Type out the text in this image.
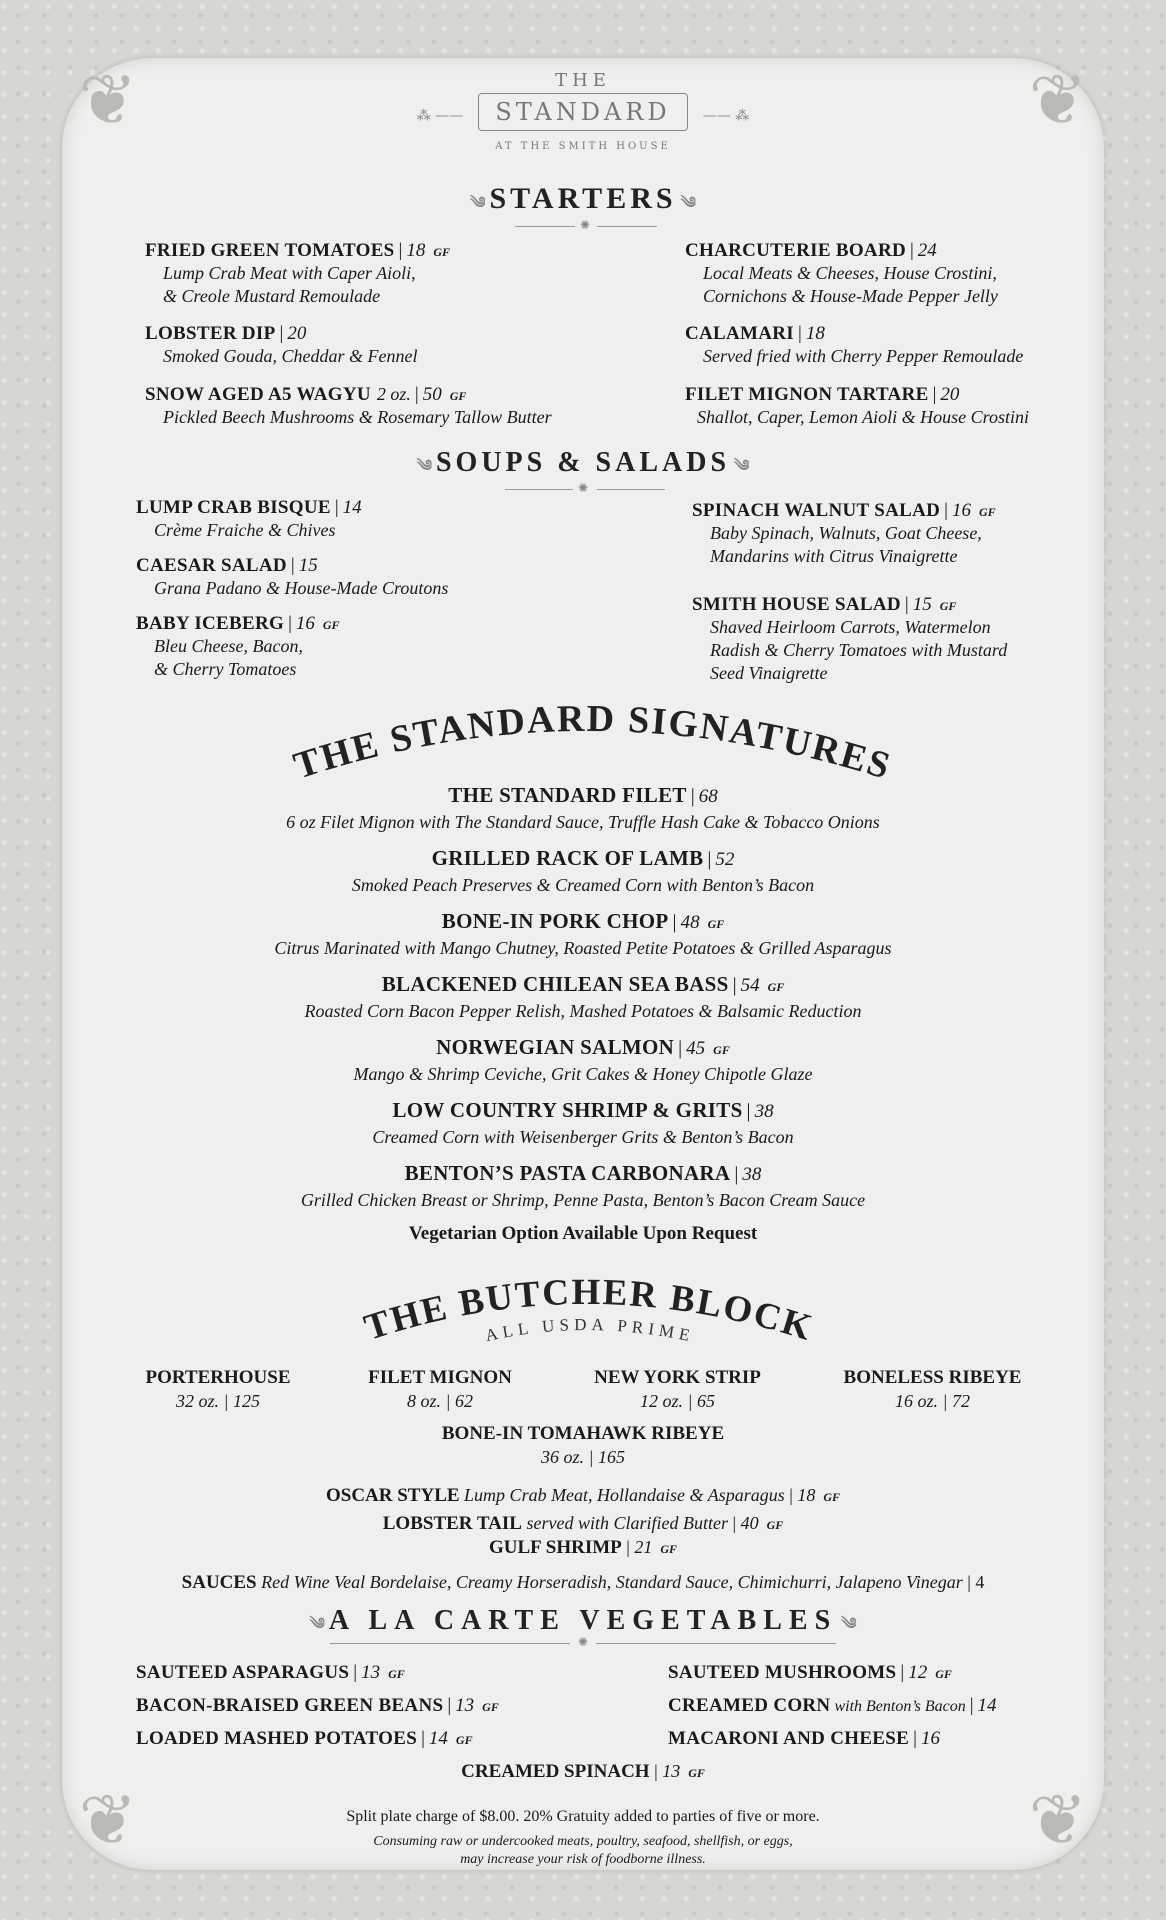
❦	❦
❦	❦
THE
⁂ —— STANDARD —— ⁂
AT THE SMITH HOUSE
༄ STARTERS ༄
✺
FRIED GREEN TOMATOES | 18 GF
Lump Crab Meat with Caper Aioli,
& Creole Mustard Remoulade
LOBSTER DIP | 20
Smoked Gouda, Cheddar & Fennel
SNOW AGED A5 WAGYU 2 oz. | 50 GF
Pickled Beech Mushrooms & Rosemary Tallow Butter
CHARCUTERIE BOARD | 24
Local Meats & Cheeses, House Crostini,
Cornichons & House-Made Pepper Jelly
CALAMARI | 18
Served fried with Cherry Pepper Remoulade
FILET MIGNON TARTARE | 20
Shallot, Caper, Lemon Aioli & House Crostini
༄ SOUPS & SALADS ༄
✺
LUMP CRAB BISQUE | 14
Crème Fraiche & Chives
CAESAR SALAD | 15
Grana Padano & House-Made Croutons
BABY ICEBERG | 16 GF
Bleu Cheese, Bacon,
& Cherry Tomatoes
SPINACH WALNUT SALAD | 16 GF
Baby Spinach, Walnuts, Goat Cheese,
Mandarins with Citrus Vinaigrette
SMITH HOUSE SALAD | 15 GF
Shaved Heirloom Carrots, Watermelon
Radish & Cherry Tomatoes with Mustard
Seed Vinaigrette
THE STANDARD SIGNATURES
THE BUTCHER BLOCK
ALL USDA PRIME
THE STANDARD FILET | 68
6 oz Filet Mignon with The Standard Sauce, Truffle Hash Cake & Tobacco Onions
GRILLED RACK OF LAMB | 52
Smoked Peach Preserves & Creamed Corn with Benton’s Bacon
BONE-IN PORK CHOP | 48 GF
Citrus Marinated with Mango Chutney, Roasted Petite Potatoes & Grilled Asparagus
BLACKENED CHILEAN SEA BASS | 54 GF
Roasted Corn Bacon Pepper Relish, Mashed Potatoes & Balsamic Reduction
NORWEGIAN SALMON | 45 GF
Mango & Shrimp Ceviche, Grit Cakes & Honey Chipotle Glaze
LOW COUNTRY SHRIMP & GRITS | 38
Creamed Corn with Weisenberger Grits & Benton’s Bacon
BENTON’S PASTA CARBONARA | 38
Grilled Chicken Breast or Shrimp, Penne Pasta, Benton’s Bacon Cream Sauce
Vegetarian Option Available Upon Request
PORTERHOUSE
32 oz. | 125
FILET MIGNON
8 oz. | 62
NEW YORK STRIP
12 oz. | 65
BONELESS RIBEYE
16 oz. | 72
BONE-IN TOMAHAWK RIBEYE
36 oz. | 165
OSCAR STYLE Lump Crab Meat, Hollandaise & Asparagus | 18 GF
LOBSTER TAIL served with Clarified Butter | 40 GF
GULF SHRIMP | 21 GF
SAUCES Red Wine Veal Bordelaise, Creamy Horseradish, Standard Sauce, Chimichurri, Jalapeno Vinegar | 4
༄ A LA CARTE VEGETABLES ༄
✺
SAUTEED ASPARAGUS | 13 GF
BACON-BRAISED GREEN BEANS | 13 GF
LOADED MASHED POTATOES | 14 GF
SAUTEED MUSHROOMS | 12 GF
CREAMED CORN with Benton’s Bacon | 14
MACARONI AND CHEESE | 16
CREAMED SPINACH | 13 GF
Split plate charge of $8.00. 20% Gratuity added to parties of five or more.
Consuming raw or undercooked meats, poultry, seafood, shellfish, or eggs,
may increase your risk of foodborne illness.
